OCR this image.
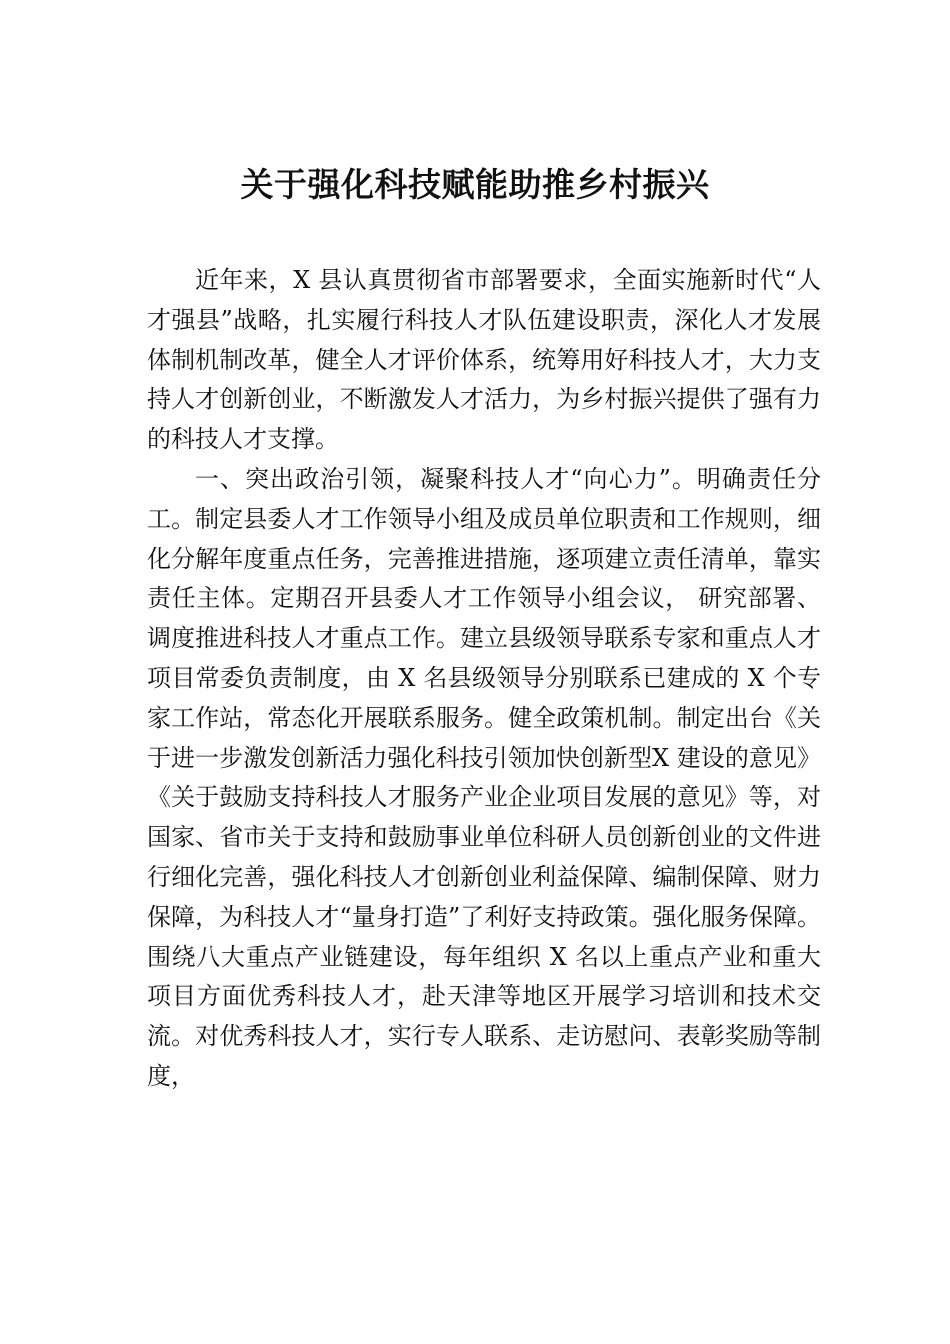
关于强化科技赋能助推乡村振兴

近年来，X 县认真贯彻省市部署要求，全面实施新时代“人才强县”战略，扎实履行科技人才队伍建设职责，深化人才发展体制机制改革，健全人才评价体系，统筹用好科技人才，大力支持人才创新创业，不断激发人才活力，为乡村振兴提供了强有力的科技人才支撑。

一、突出政治引领，凝聚科技人才“向心力”。明确责任分工。制定县委人才工作领导小组及成员单位职责和工作规则，细化分解年度重点任务，完善推进措施，逐项建立责任清单，靠实责任主体。定期召开县委人才工作领导小组会议， 研究部署、调度推进科技人才重点工作。建立县级领导联系专家和重点人才项目常委负责制度，由 X 名县级领导分别联系已建成的 X 个专家工作站，常态化开展联系服务。健全政策机制。制定出台《关于进一步激发创新活力强化科技引领加快创新型X 建设的意见》《关于鼓励支持科技人才服务产业企业项目发展的意见》等，对国家、省市关于支持和鼓励事业单位科研人员创新创业的文件进行细化完善，强化科技人才创新创业利益保障、编制保障、财力保障，为科技人才“量身打造”了利好支持政策。强化服务保障。围绕八大重点产业链建设，每年组织 X 名以上重点产业和重大项目方面优秀科技人才，赴天津等地区开展学习培训和技术交流。对优秀科技人才，实行专人联系、走访慰问、表彰奖励等制度，
